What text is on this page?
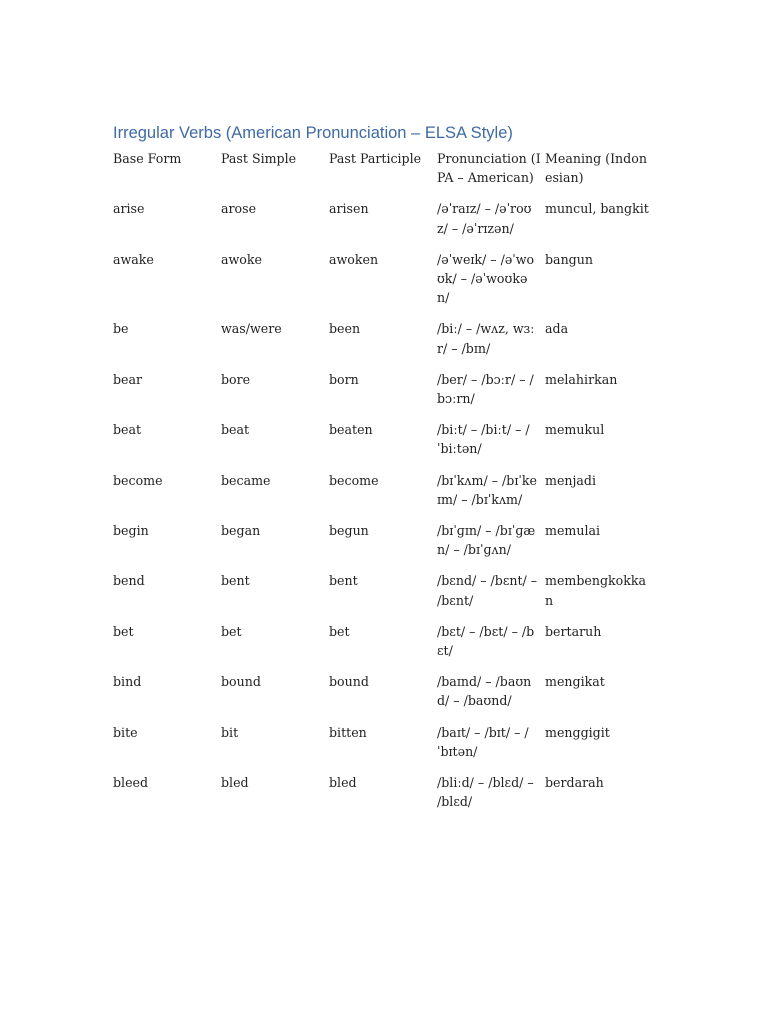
Irregular Verbs (American Pronunciation – ELSA Style)
Base Form	Past Simple	Past Participle	Pronunciation (IPA – American)	Meaning (Indonesian)
arise	arose	arisen	/əˈraɪz/ – /əˈroʊz/ – /əˈrɪzən/	muncul, bangkit
awake	awoke	awoken	/əˈweɪk/ – /əˈwoʊk/ – /əˈwoʊkən/	bangun
be	was/were	been	/biː/ – /wʌz, wɜːr/ – /bɪn/	ada
bear	bore	born	/ber/ – /bɔːr/ – /bɔːrn/	melahirkan
beat	beat	beaten	/biːt/ – /biːt/ – /ˈbiːtən/	memukul
become	became	become	/bɪˈkʌm/ – /bɪˈkeɪm/ – /bɪˈkʌm/	menjadi
begin	began	begun	/bɪˈɡɪn/ – /bɪˈɡæn/ – /bɪˈɡʌn/	memulai
bend	bent	bent	/bɛnd/ – /bɛnt/ – /bɛnt/	membengkokkan
bet	bet	bet	/bɛt/ – /bɛt/ – /bɛt/	bertaruh
bind	bound	bound	/baɪnd/ – /baʊnd/ – /baʊnd/	mengikat
bite	bit	bitten	/baɪt/ – /bɪt/ – /ˈbɪtən/	menggigit
bleed	bled	bled	/bliːd/ – /blɛd/ – /blɛd/	berdarah
